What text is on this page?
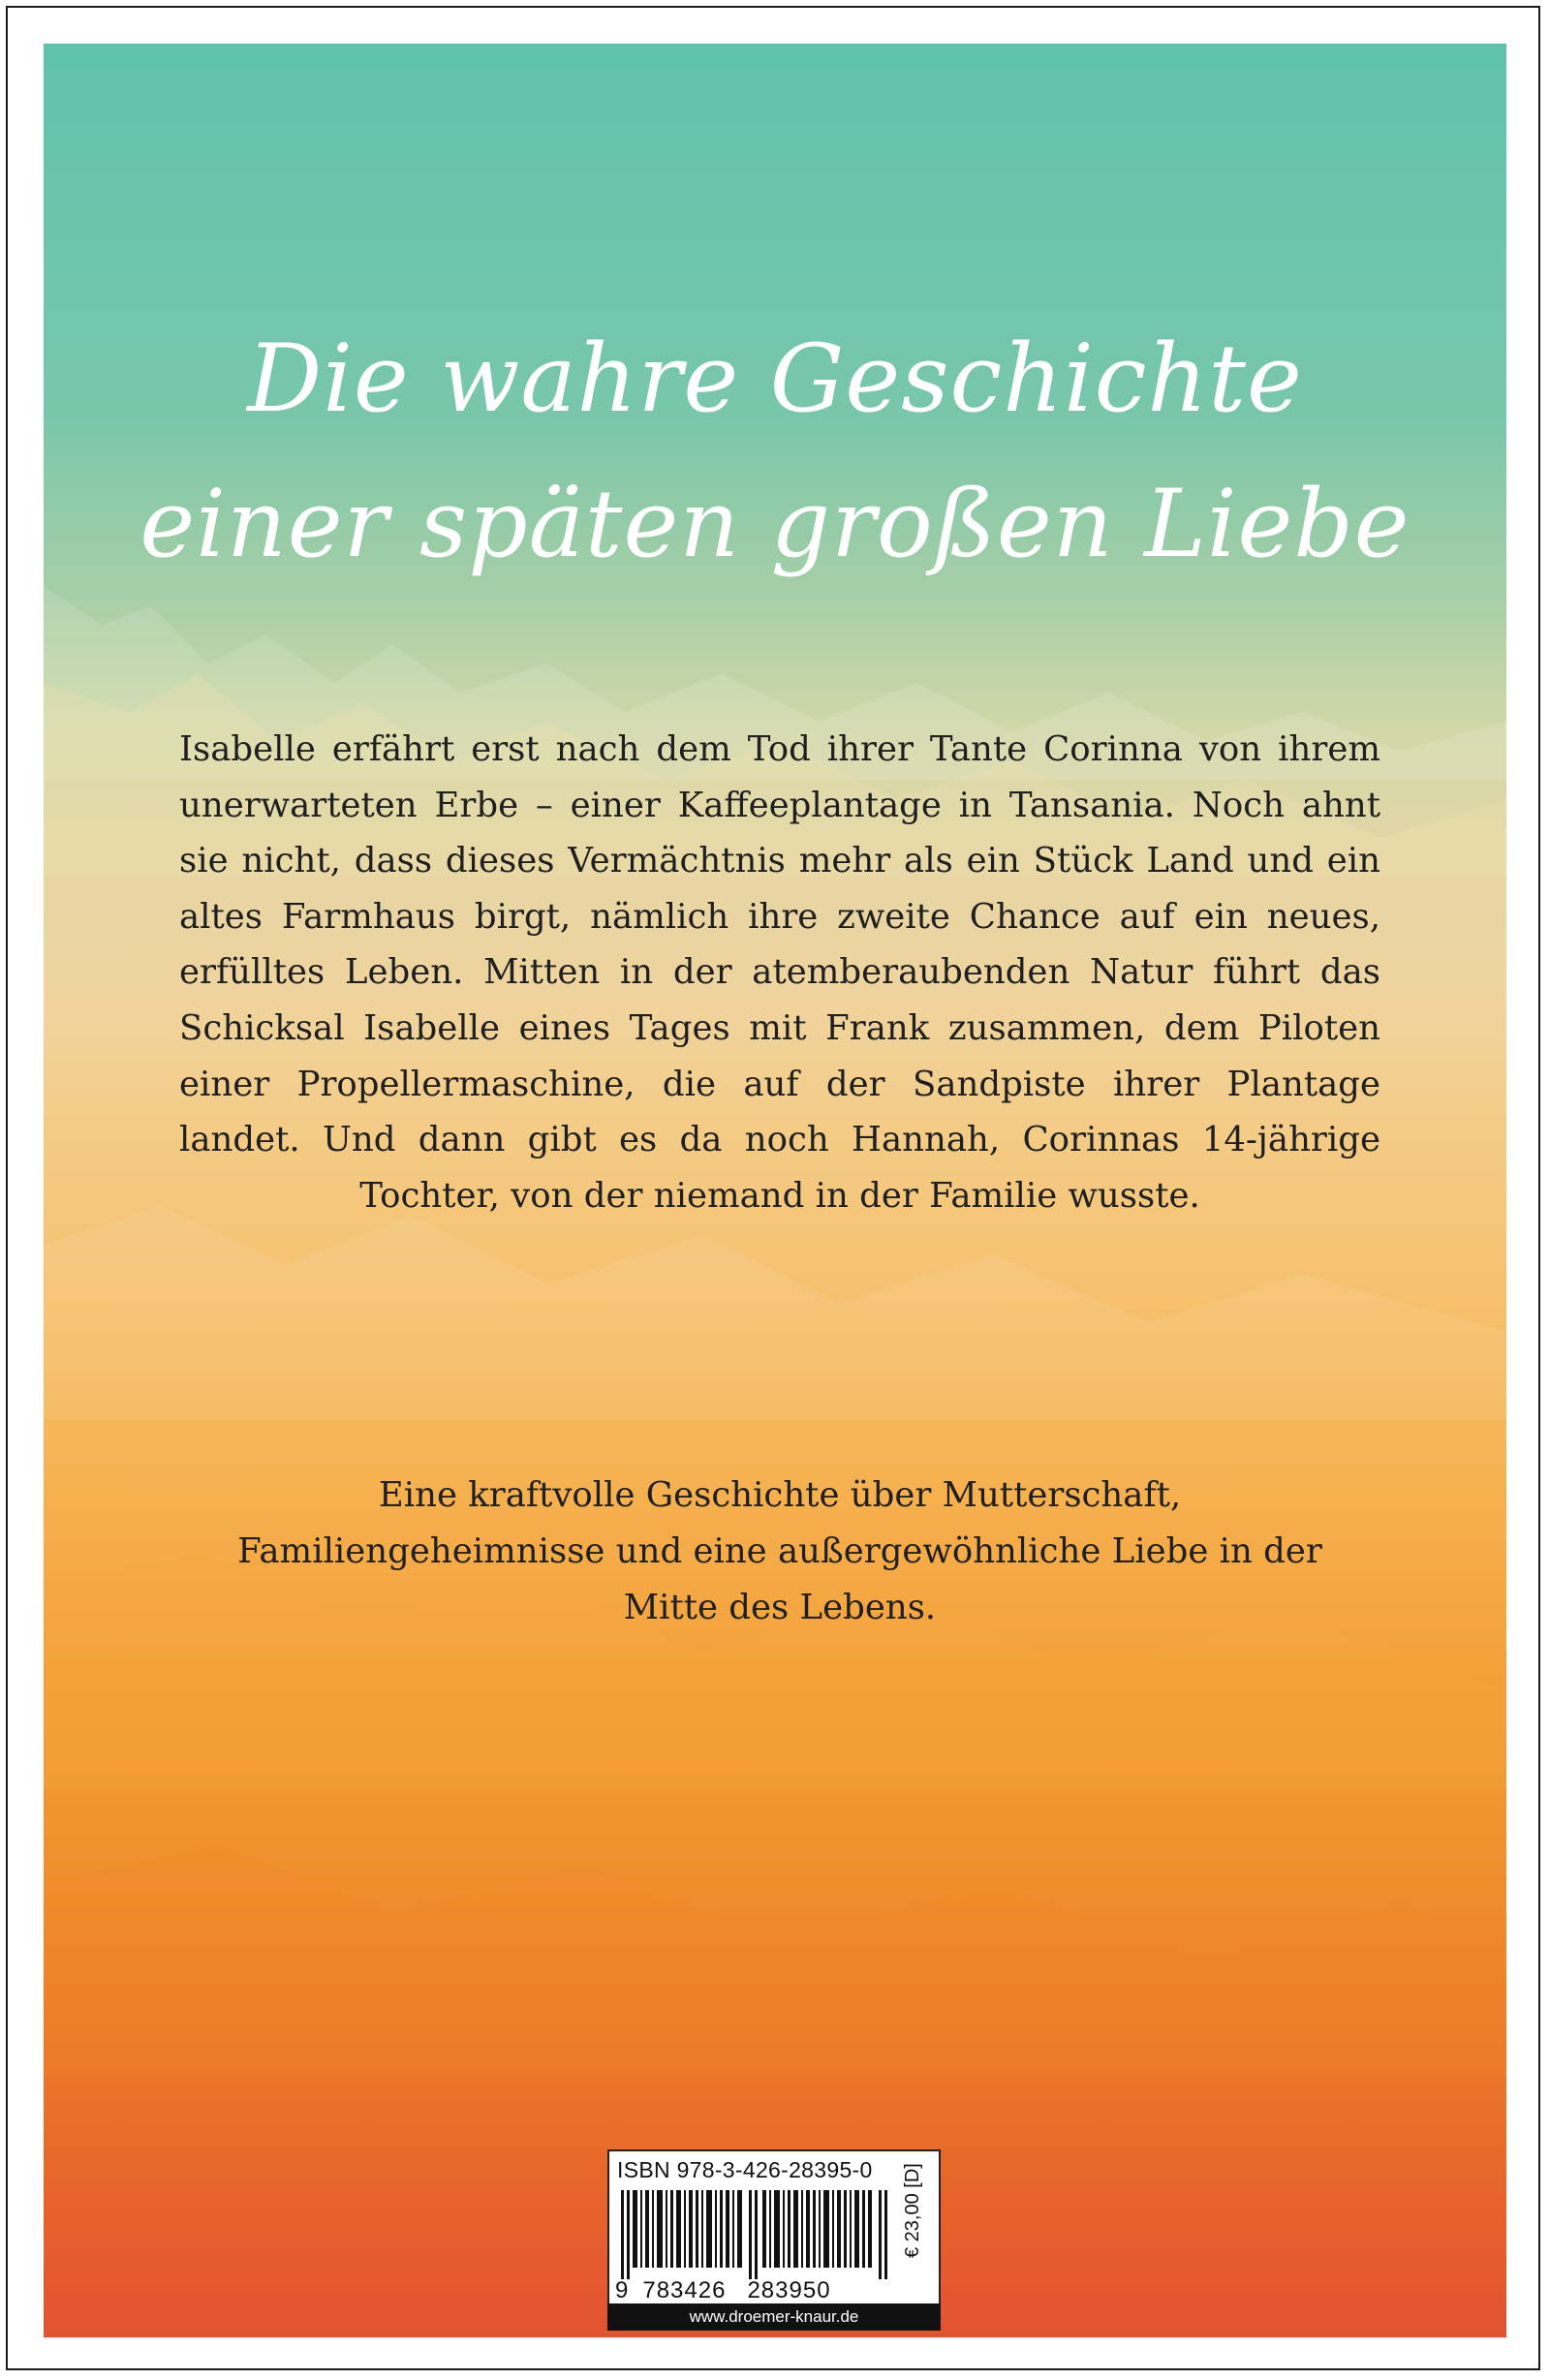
Die wahre Geschichte
einer späten großen Liebe
Isabelle erfährt erst nach dem Tod ihrer Tante Corinna von ihrem unerwarteten Erbe – einer Kaffeeplantage in Tansania. Noch ahnt sie nicht, dass dieses Vermächtnis mehr als ein Stück Land und ein altes Farmhaus birgt, nämlich ihre zweite Chance auf ein neues, erfülltes Leben. Mitten in der atemberaubenden Natur führt das Schicksal Isabelle eines Tages mit Frank zusammen, dem Piloten einer Propellermaschine, die auf der Sandpiste ihrer Plantage landet. Und dann gibt es da noch Hannah, Corinnas 14-jährige Tochter, von der niemand in der Familie wusste.
Eine kraftvolle Geschichte über Mutterschaft, Familiengeheimnisse und eine außergewöhnliche Liebe in der Mitte des Lebens.
ISBN 978-3-426-28395-0
9 783426 283950
€ 23,00 [D]
www.droemer-knaur.de
